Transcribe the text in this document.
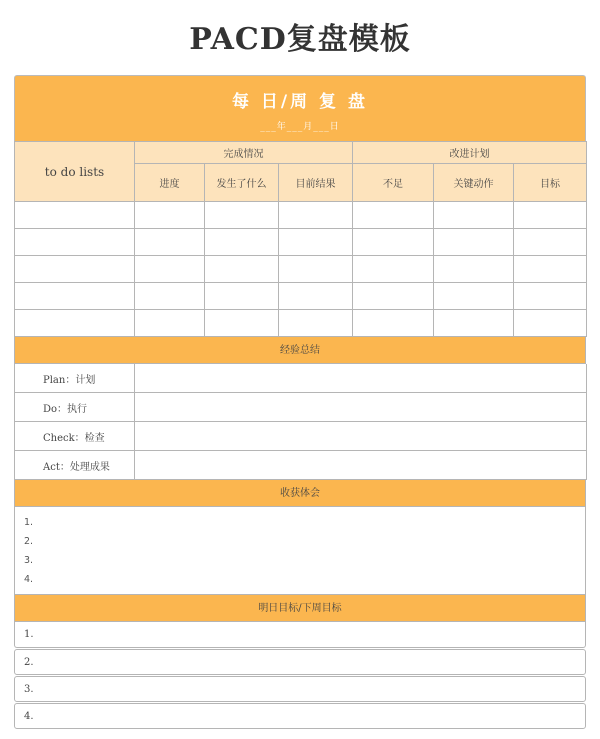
PACD复盘模板
每 日/周 复 盘
___年___月___日
to do lists	完成情况			改进计划		
	进度	发生了什么	目前结果	不足	关键动作	目标

经验总结
Plan：计划	
Do：执行	
Check：检查	
Act：处理成果	
收获体会
1.
2.
3.
4.
明日目标/下周目标
1.
2.
3.
4.
